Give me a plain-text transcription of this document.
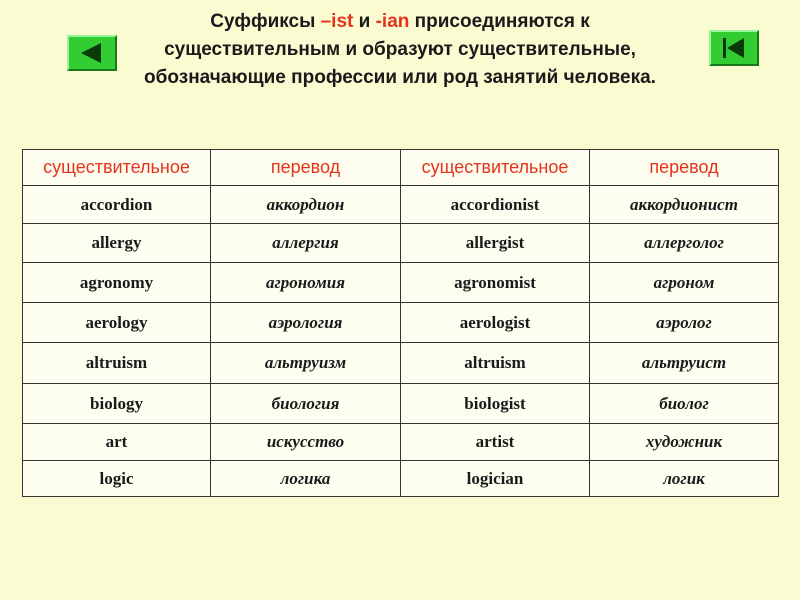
Суффиксы –ist и -ian присоединяются к существительным и образуют существительные, обозначающие профессии или род занятий человека.
существительное	перевод	существительное	перевод
accordion	аккордион	accordionist	аккордионист
allergy	аллергия	allergist	аллерголог
agronomy	агрономия	agronomist	агроном
aerology	аэрология	aerologist	аэролог
altruism	альтруизм	altruism	альтруист
biology	биология	biologist	биолог
art	искусство	artist	художник
logic	логика	logician	логик
